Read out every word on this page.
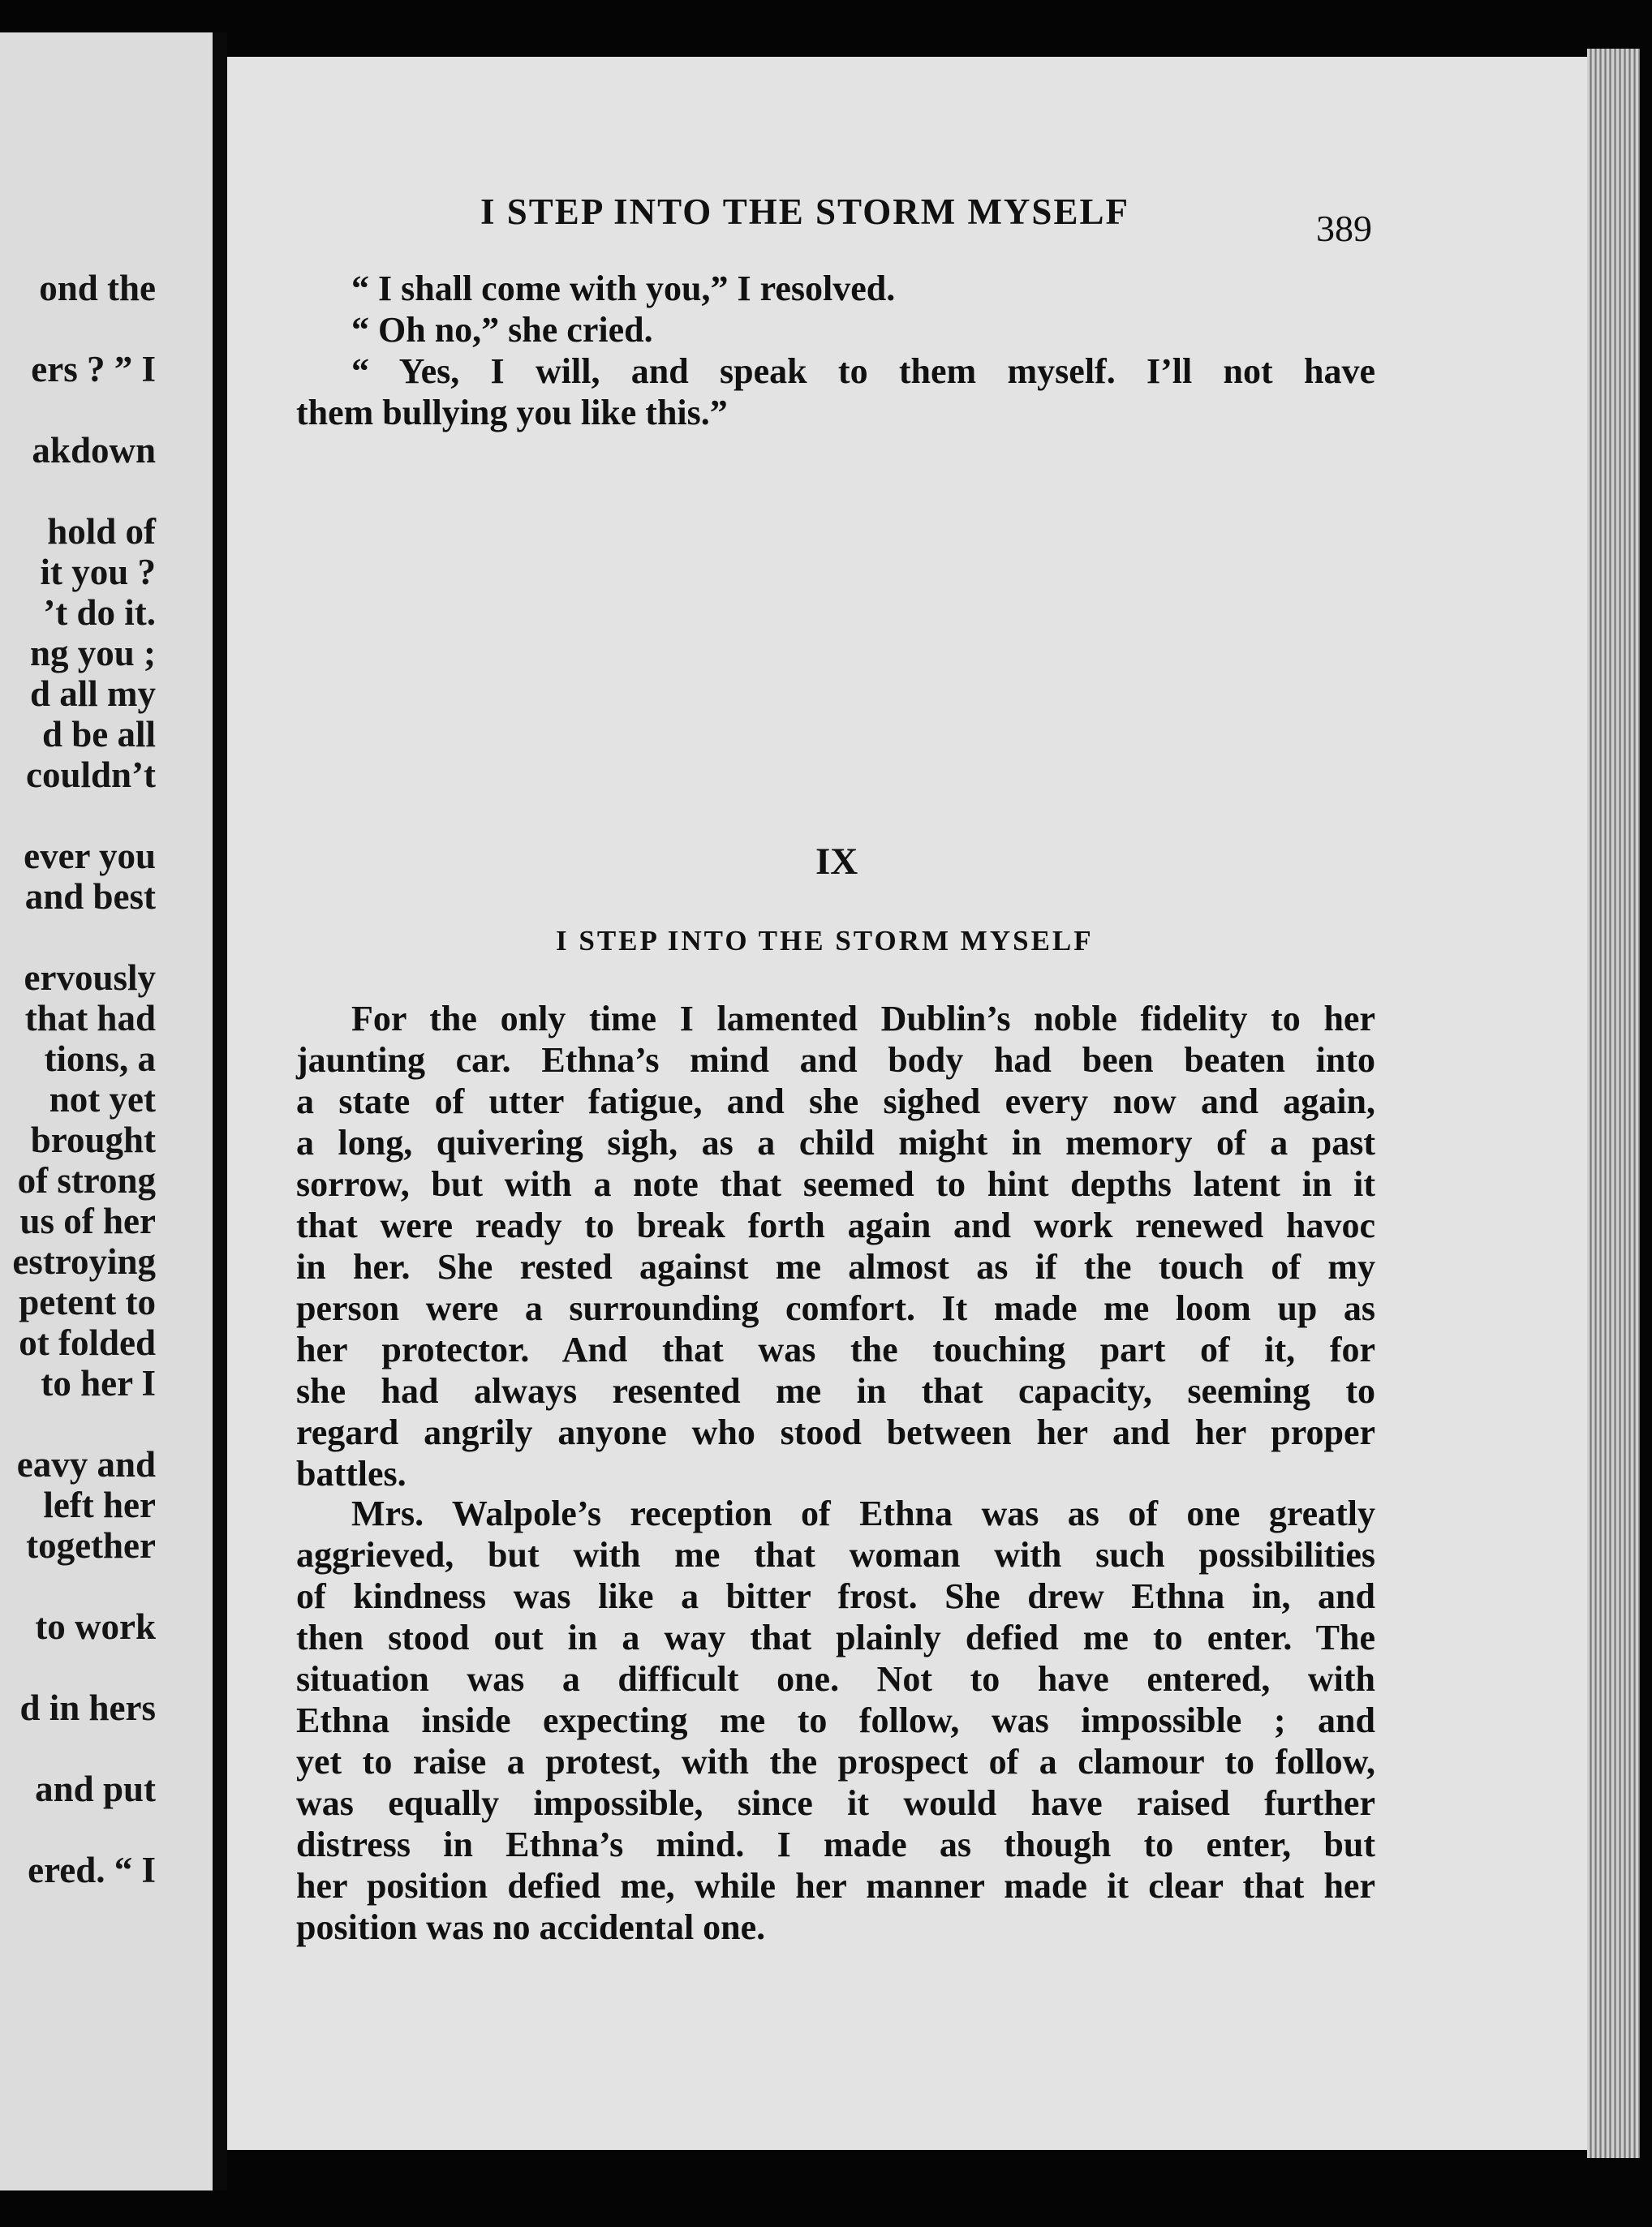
ond the
ers ? ” I
akdown
hold of
it you ?
’t do it.
ng you ;
d all my
d be all
couldn’t
ever you
and best
ervously
that had
tions, a
not yet
brought
of strong
us of her
estroying
petent to
ot folded
to her I
eavy and
left her
together
to work
d in hers
and put
ered. “ I
I STEP INTO THE STORM MYSELF	389
“ I shall come with you,” I resolved.
“ Oh no,” she cried.
“ Yes, I will, and speak to them myself. I’ll not have
them bullying you like this.”
IX
I STEP INTO THE STORM MYSELF
For the only time I lamented Dublin’s noble fidelity to her
jaunting car. Ethna’s mind and body had been beaten into
a state of utter fatigue, and she sighed every now and again,
a long, quivering sigh, as a child might in memory of a past
sorrow, but with a note that seemed to hint depths latent in it
that were ready to break forth again and work renewed havoc
in her. She rested against me almost as if the touch of my
person were a surrounding comfort. It made me loom up as
her protector. And that was the touching part of it, for
she had always resented me in that capacity, seeming to
regard angrily anyone who stood between her and her proper
battles.
Mrs. Walpole’s reception of Ethna was as of one greatly
aggrieved, but with me that woman with such possibilities
of kindness was like a bitter frost. She drew Ethna in, and
then stood out in a way that plainly defied me to enter. The
situation was a difficult one. Not to have entered, with
Ethna inside expecting me to follow, was impossible ; and
yet to raise a protest, with the prospect of a clamour to follow,
was equally impossible, since it would have raised further
distress in Ethna’s mind. I made as though to enter, but
her position defied me, while her manner made it clear that her
position was no accidental one.
